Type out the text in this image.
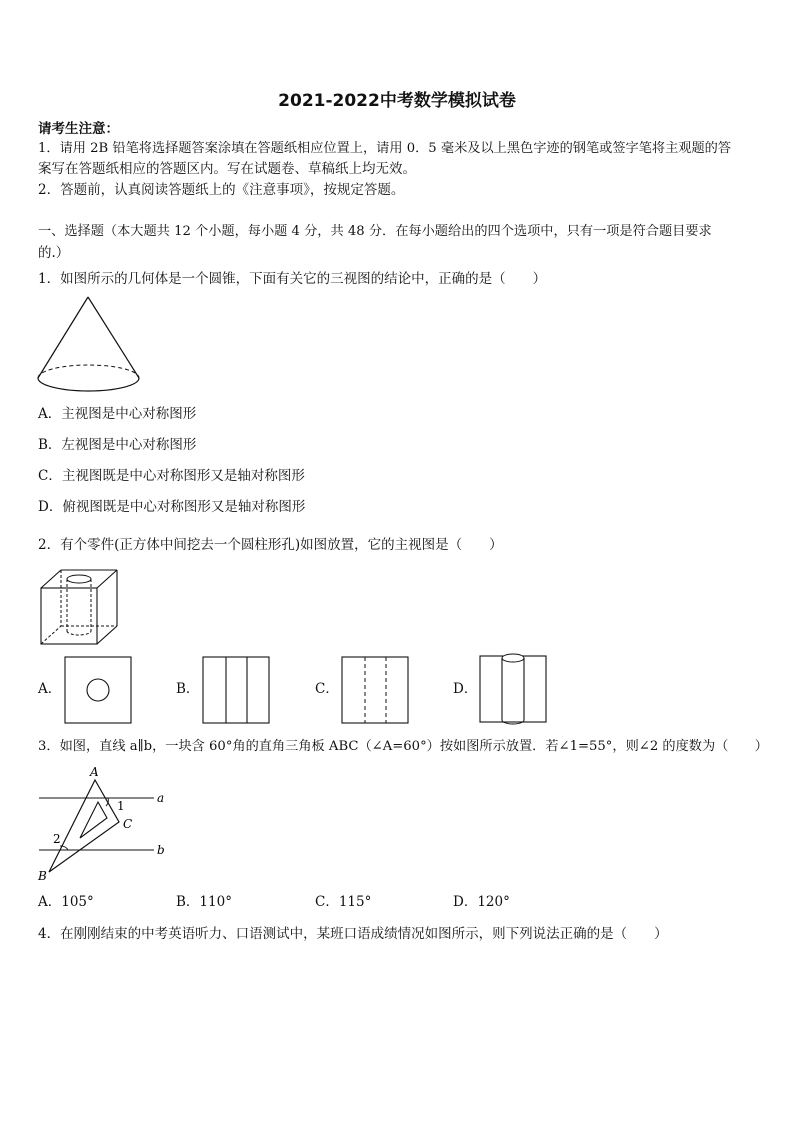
2021-2022中考数学模拟试卷
请考生注意：
1．请用 2B 铅笔将选择题答案涂填在答题纸相应位置上，请用 0．5 毫米及以上黑色字迹的钢笔或签字笔将主观题的答
案写在答题纸相应的答题区内。写在试题卷、草稿纸上均无效。
2．答题前，认真阅读答题纸上的《注意事项》，按规定答题。
一、选择题（本大题共 12 个小题，每小题 4 分，共 48 分．在每小题给出的四个选项中，只有一项是符合题目要求
的.）
1．如图所示的几何体是一个圆锥，下面有关它的三视图的结论中，正确的是（　　）
A．主视图是中心对称图形
B．左视图是中心对称图形
C．主视图既是中心对称图形又是轴对称图形
D．俯视图既是中心对称图形又是轴对称图形
2．有个零件(正方体中间挖去一个圆柱形孔)如图放置，它的主视图是（　　）
A．	B．	C．	D．
3．如图，直线 a∥b，一块含 60°角的直角三角板 ABC（∠A=60°）按如图所示放置．若∠1=55°，则∠2 的度数为（　　）
A
B
C
a
b
1
2
A．105°	B．110°	C．115°	D．120°
4．在刚刚结束的中考英语听力、口语测试中，某班口语成绩情况如图所示，则下列说法正确的是（　　）
